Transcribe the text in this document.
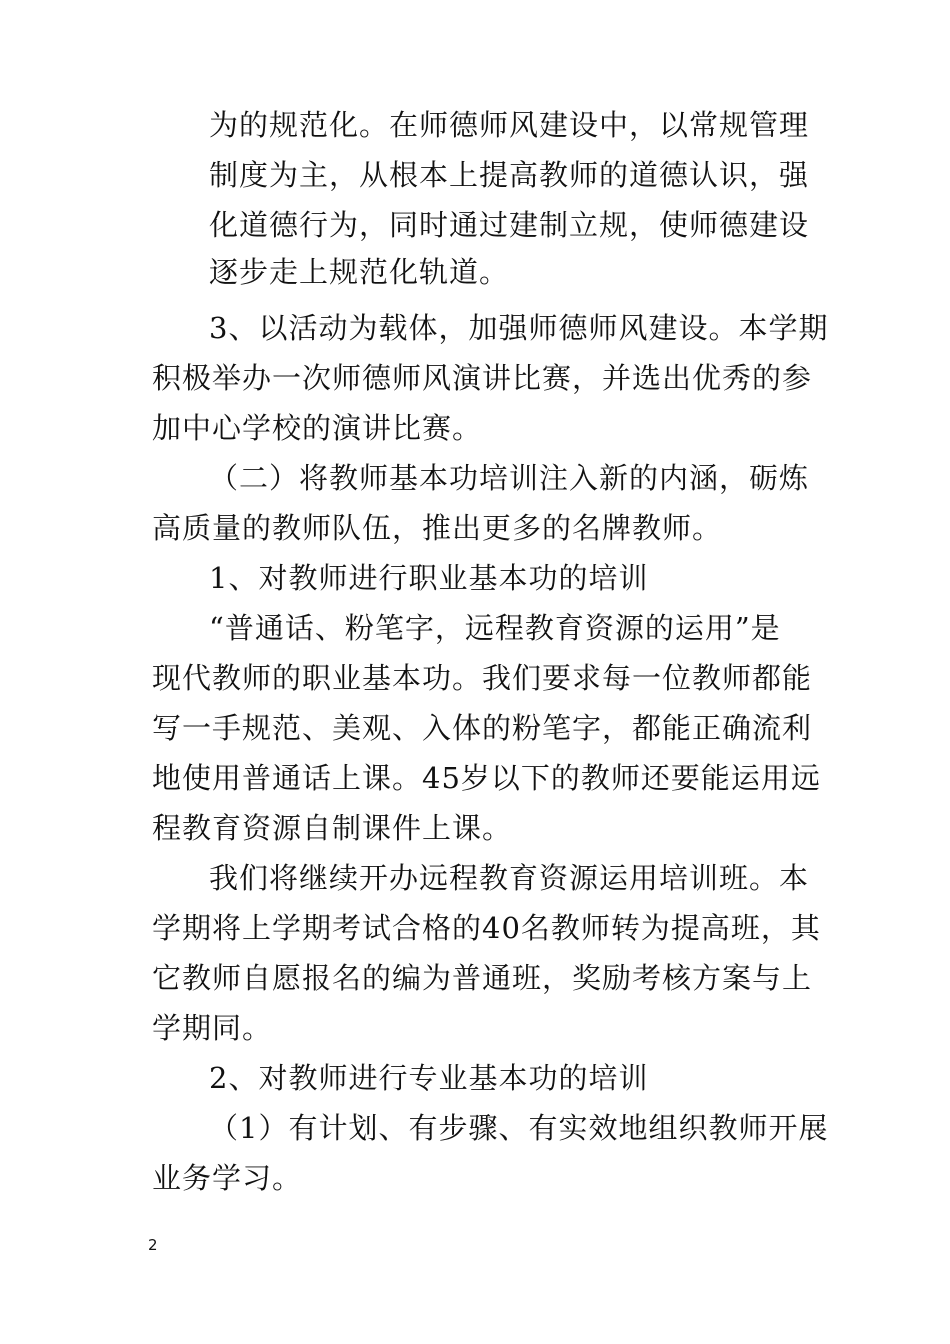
为的规范化。在师德师风建设中，以常规管理
制度为主，从根本上提高教师的道德认识，强
化道德行为，同时通过建制立规，使师德建设
逐步走上规范化轨道。
3、以活动为载体，加强师德师风建设。本学期
积极举办一次师德师风演讲比赛，并选出优秀的参
加中心学校的演讲比赛。
（二）将教师基本功培训注入新的内涵，砺炼
高质量的教师队伍，推出更多的名牌教师。
1、对教师进行职业基本功的培训
“普通话、粉笔字，远程教育资源的运用”是
现代教师的职业基本功。我们要求每一位教师都能
写一手规范、美观、入体的粉笔字，都能正确流利
地使用普通话上课。45岁以下的教师还要能运用远
程教育资源自制课件上课。
我们将继续开办远程教育资源运用培训班。本
学期将上学期考试合格的40名教师转为提高班，其
它教师自愿报名的编为普通班，奖励考核方案与上
学期同。
2、对教师进行专业基本功的培训
（1）有计划、有步骤、有实效地组织教师开展
业务学习。
2
